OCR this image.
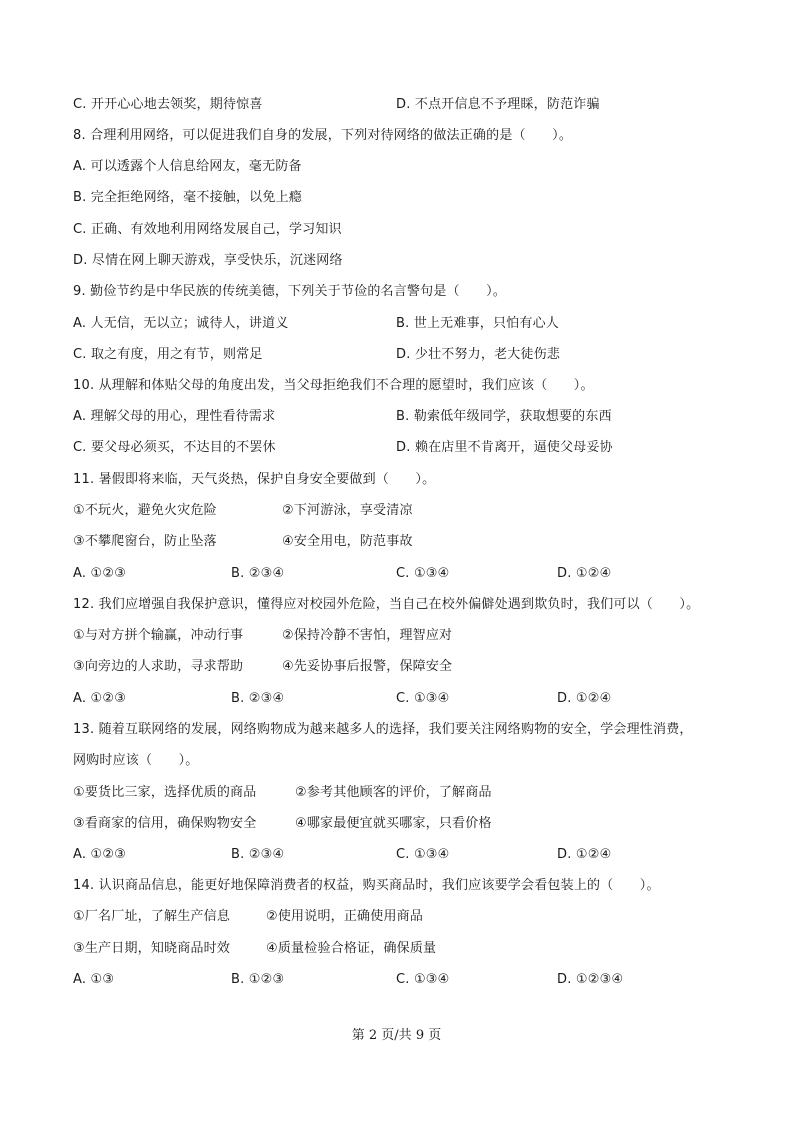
C. 开开心心地去领奖，期待惊喜	D. 不点开信息不予理睬，防范诈骗
8. 合理利用网络，可以促进我们自身的发展，下列对待网络的做法正确的是（　　）。
A. 可以透露个人信息给网友，毫无防备
B. 完全拒绝网络，毫不接触，以免上瘾
C. 正确、有效地利用网络发展自己，学习知识
D. 尽情在网上聊天游戏，享受快乐，沉迷网络
9. 勤俭节约是中华民族的传统美德，下列关于节俭的名言警句是（　　）。
A. 人无信，无以立；诚待人，讲道义	B. 世上无难事，只怕有心人
C. 取之有度，用之有节，则常足	D. 少壮不努力，老大徒伤悲
10. 从理解和体贴父母的角度出发，当父母拒绝我们不合理的愿望时，我们应该（　　）。
A. 理解父母的用心，理性看待需求	B. 勒索低年级同学，获取想要的东西
C. 要父母必须买，不达目的不罢休	D. 赖在店里不肯离开，逼使父母妥协
11. 暑假即将来临，天气炎热，保护自身安全要做到（　　）。
①不玩火，避免火灾危险	②下河游泳，享受清凉
③不攀爬窗台，防止坠落	④安全用电，防范事故
A. ①②③	B. ②③④	C. ①③④	D. ①②④
12. 我们应增强自我保护意识，懂得应对校园外危险，当自己在校外偏僻处遇到欺负时，我们可以（　　）。
①与对方拼个输赢，冲动行事	②保持冷静不害怕，理智应对
③向旁边的人求助，寻求帮助	④先妥协事后报警，保障安全
A. ①②③	B. ②③④	C. ①③④	D. ①②④
13. 随着互联网络的发展，网络购物成为越来越多人的选择，我们要关注网络购物的安全，学会理性消费，
网购时应该（　　）。
①要货比三家，选择优质的商品	②参考其他顾客的评价，了解商品
③看商家的信用，确保购物安全	④哪家最便宜就买哪家，只看价格
A. ①②③	B. ②③④	C. ①③④	D. ①②④
14. 认识商品信息，能更好地保障消费者的权益，购买商品时，我们应该要学会看包装上的（　　）。
①厂名厂址，了解生产信息	②使用说明，正确使用商品
③生产日期，知晓商品时效	④质量检验合格证，确保质量
A. ①③	B. ①②③	C. ①③④	D. ①②③④
第 2 页/共 9 页
